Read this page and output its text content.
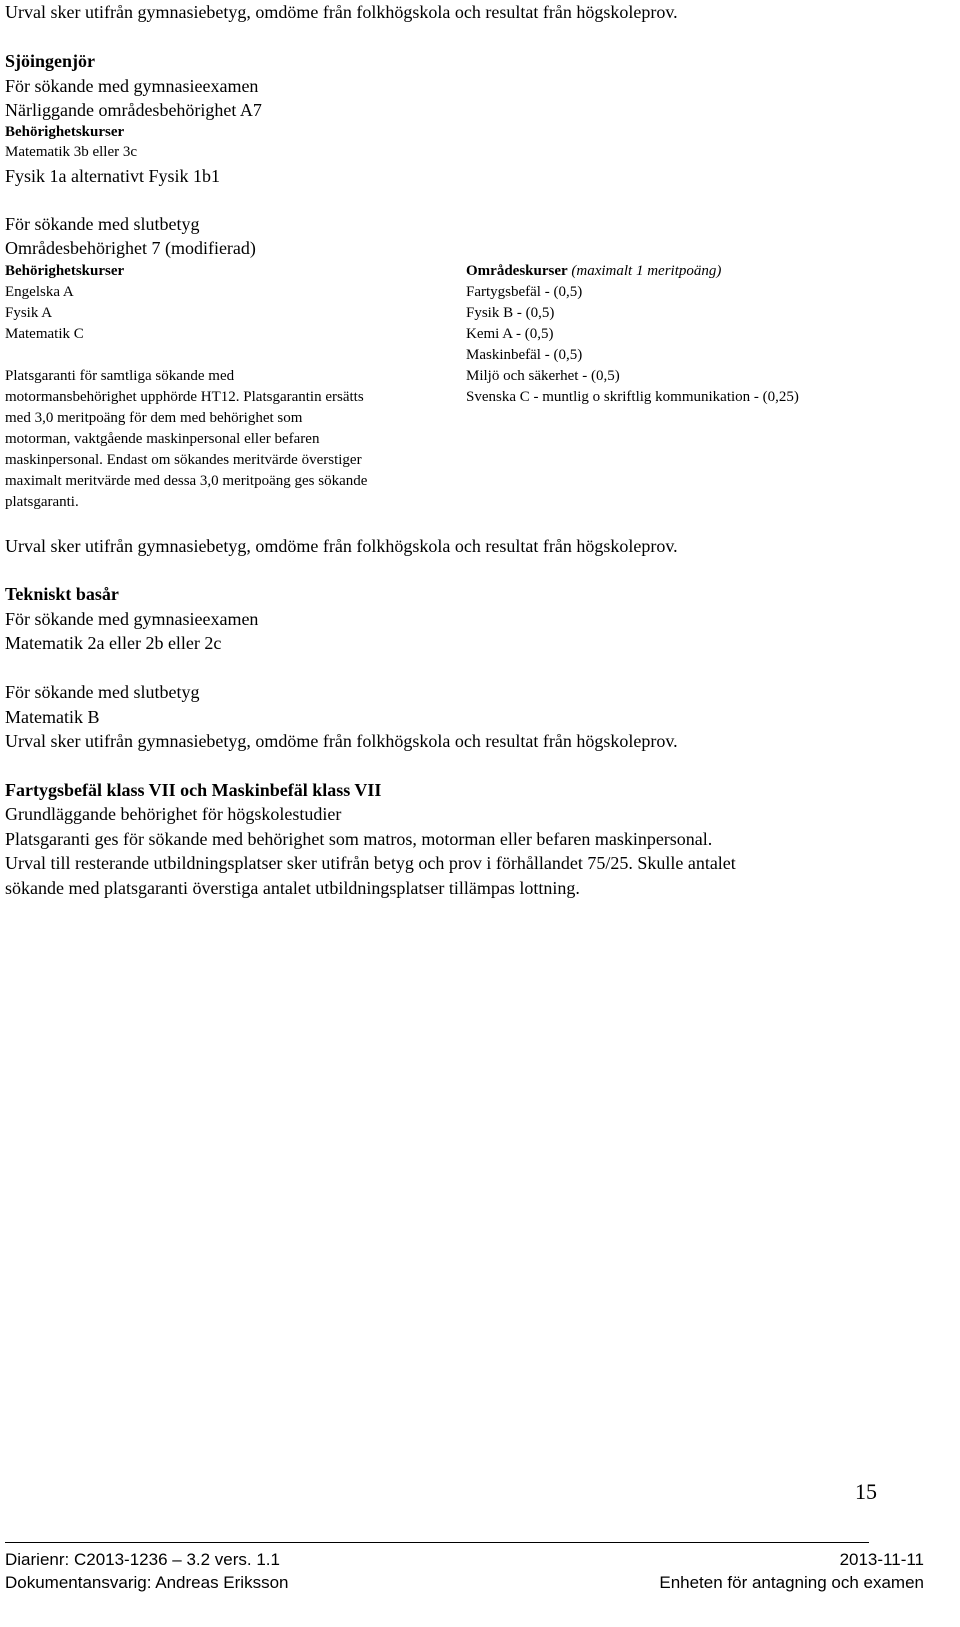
Urval sker utifrån gymnasiebetyg, omdöme från folkhögskola och resultat från högskoleprov.
Sjöingenjör
För sökande med gymnasieexamen
Närliggande områdesbehörighet A7
Behörighetskurser
Matematik 3b eller 3c
Fysik 1a alternativt Fysik 1b1
För sökande med slutbetyg
Områdesbehörighet 7 (modifierad)
Behörighetskurser
Engelska A
Fysik A
Matematik C
Platsgaranti för samtliga sökande med
motormansbehörighet upphörde HT12. Platsgarantin ersätts
med 3,0 meritpoäng för dem med behörighet som
motorman, vaktgående maskinpersonal eller befaren
maskinpersonal. Endast om sökandes meritvärde överstiger
maximalt meritvärde med dessa 3,0 meritpoäng ges sökande
platsgaranti.
Områdeskurser (maximalt 1 meritpoäng)
Fartygsbefäl - (0,5)
Fysik B - (0,5)
Kemi A - (0,5)
Maskinbefäl - (0,5)
Miljö och säkerhet - (0,5)
Svenska C - muntlig o skriftlig kommunikation - (0,25)
Urval sker utifrån gymnasiebetyg, omdöme från folkhögskola och resultat från högskoleprov.
Tekniskt basår
För sökande med gymnasieexamen
Matematik 2a eller 2b eller 2c
För sökande med slutbetyg
Matematik B
Urval sker utifrån gymnasiebetyg, omdöme från folkhögskola och resultat från högskoleprov.
Fartygsbefäl klass VII och Maskinbefäl klass VII
Grundläggande behörighet för högskolestudier
Platsgaranti ges för sökande med behörighet som matros, motorman eller befaren maskinpersonal.
Urval till resterande utbildningsplatser sker utifrån betyg och prov i förhållandet 75/25. Skulle antalet
sökande med platsgaranti överstiga antalet utbildningsplatser tillämpas lottning.
15
Diarienr: C2013-1236 – 3.2 vers. 1.1	2013-11-11
Dokumentansvarig: Andreas Eriksson	Enheten för antagning och examen
